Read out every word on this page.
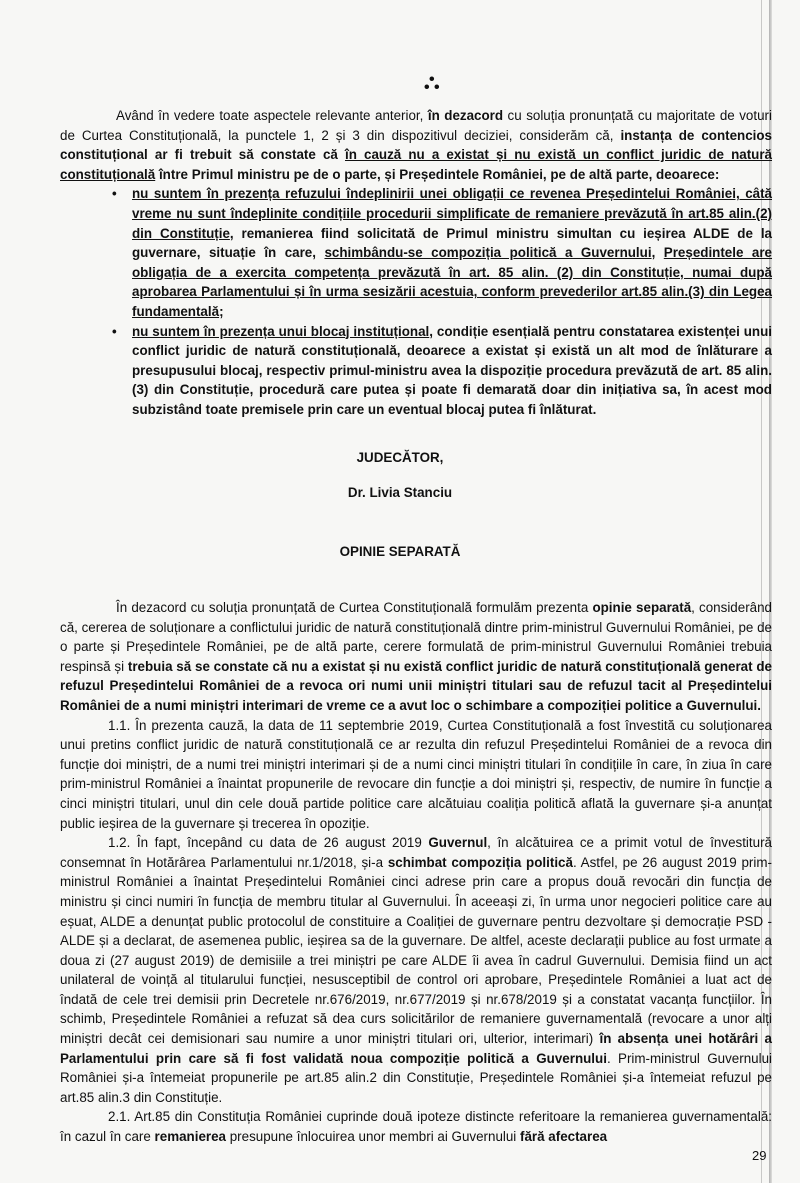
•
• •

Având în vedere toate aspectele relevante anterior, în dezacord cu soluția pronunțată cu majoritate de voturi de Curtea Constituțională, la punctele 1, 2 și 3 din dispozitivul deciziei, considerăm că, instanța de contencios constituțional ar fi trebuit să constate că în cauză nu a existat și nu există un conflict juridic de natură constituțională între Primul ministru pe de o parte, și Președintele României, pe de altă parte, deoarece:

• nu suntem în prezența refuzului îndeplinirii unei obligații ce revenea Președintelui României, câtă vreme nu sunt îndeplinite condițiile procedurii simplificate de remaniere prevăzută în art.85 alin.(2) din Constituție, remanierea fiind solicitată de Primul ministru simultan cu ieșirea ALDE de la guvernare, situație în care, schimbându-se compoziția politică a Guvernului, Președintele are obligația de a exercita competența prevăzută în art. 85 alin. (2) din Constituție, numai după aprobarea Parlamentului și în urma sesizării acestuia, conform prevederilor art.85 alin.(3) din Legea fundamentală;
• nu suntem în prezența unui blocaj instituțional, condiție esențială pentru constatarea existenței unui conflict juridic de natură constituțională, deoarece a existat și există un alt mod de înlăturare a presupusului blocaj, respectiv primul-ministru avea la dispoziție procedura prevăzută de art. 85 alin. (3) din Constituție, procedură care putea și poate fi demarată doar din inițiativa sa, în acest mod subzistând toate premisele prin care un eventual blocaj putea fi înlăturat.
JUDECĂTOR,
Dr. Livia Stanciu
OPINIE SEPARATĂ

În dezacord cu soluția pronunțată de Curtea Constituțională formulăm prezenta opinie separată, considerând că, cererea de soluționare a conflictului juridic de natură constituțională dintre prim-ministrul Guvernului României, pe de o parte și Președintele României, pe de altă parte, cerere formulată de prim-ministrul Guvernului României trebuia respinsă și trebuia să se constate că nu a existat și nu există conflict juridic de natură constituțională generat de refuzul Președintelui României de a revoca ori numi unii miniștri titulari sau de refuzul tacit al Președintelui României de a numi miniștri interimari de vreme ce a avut loc o schimbare a compoziției politice a Guvernului.

1.1. În prezenta cauză, la data de 11 septembrie 2019, Curtea Constituțională a fost învestită cu soluționarea unui pretins conflict juridic de natură constituțională ce ar rezulta din refuzul Președintelui României de a revoca din funcție doi miniștri, de a numi trei miniștri interimari și de a numi cinci miniștri titulari în condițiile în care, în ziua în care prim-ministrul României a înaintat propunerile de revocare din funcție a doi miniștri și, respectiv, de numire în funcție a cinci miniștri titulari, unul din cele două partide politice care alcătuiau coaliția politică aflată la guvernare și-a anunțat public ieșirea de la guvernare și trecerea în opoziție.

1.2. În fapt, începând cu data de 26 august 2019 Guvernul, în alcătuirea ce a primit votul de învestitură consemnat în Hotărârea Parlamentului nr.1/2018, și-a schimbat compoziția politică. Astfel, pe 26 august 2019 prim-ministrul României a înaintat Președintelui României cinci adrese prin care a propus două revocări din funcția de ministru și cinci numiri în funcția de membru titular al Guvernului. În aceeași zi, în urma unor negocieri politice care au eșuat, ALDE a denunțat public protocolul de constituire a Coaliției de guvernare pentru dezvoltare și democrație PSD - ALDE și a declarat, de asemenea public, ieșirea sa de la guvernare. De altfel, aceste declarații publice au fost urmate a doua zi (27 august 2019) de demisiile a trei miniștri pe care ALDE îi avea în cadrul Guvernului. Demisia fiind un act unilateral de voință al titularului funcției, nesusceptibil de control ori aprobare, Președintele României a luat act de îndată de cele trei demisii prin Decretele nr.676/2019, nr.677/2019 și nr.678/2019 și a constatat vacanța funcțiilor. În schimb, Președintele României a refuzat să dea curs solicitărilor de remaniere guvernamentală (revocare a unor alți miniștri decât cei demisionari sau numire a unor miniștri titulari ori, ulterior, interimari) în absența unei hotărâri a Parlamentului prin care să fi fost validată noua compoziție politică a Guvernului. Prim-ministrul Guvernului României și-a întemeiat propunerile pe art.85 alin.2 din Constituție, Președintele României și-a întemeiat refuzul pe art.85 alin.3 din Constituție.

2.1. Art.85 din Constituția României cuprinde două ipoteze distincte referitoare la remanierea guvernamentală: în cazul în care remanierea presupune înlocuirea unor membri ai Guvernului fără afectarea

29
